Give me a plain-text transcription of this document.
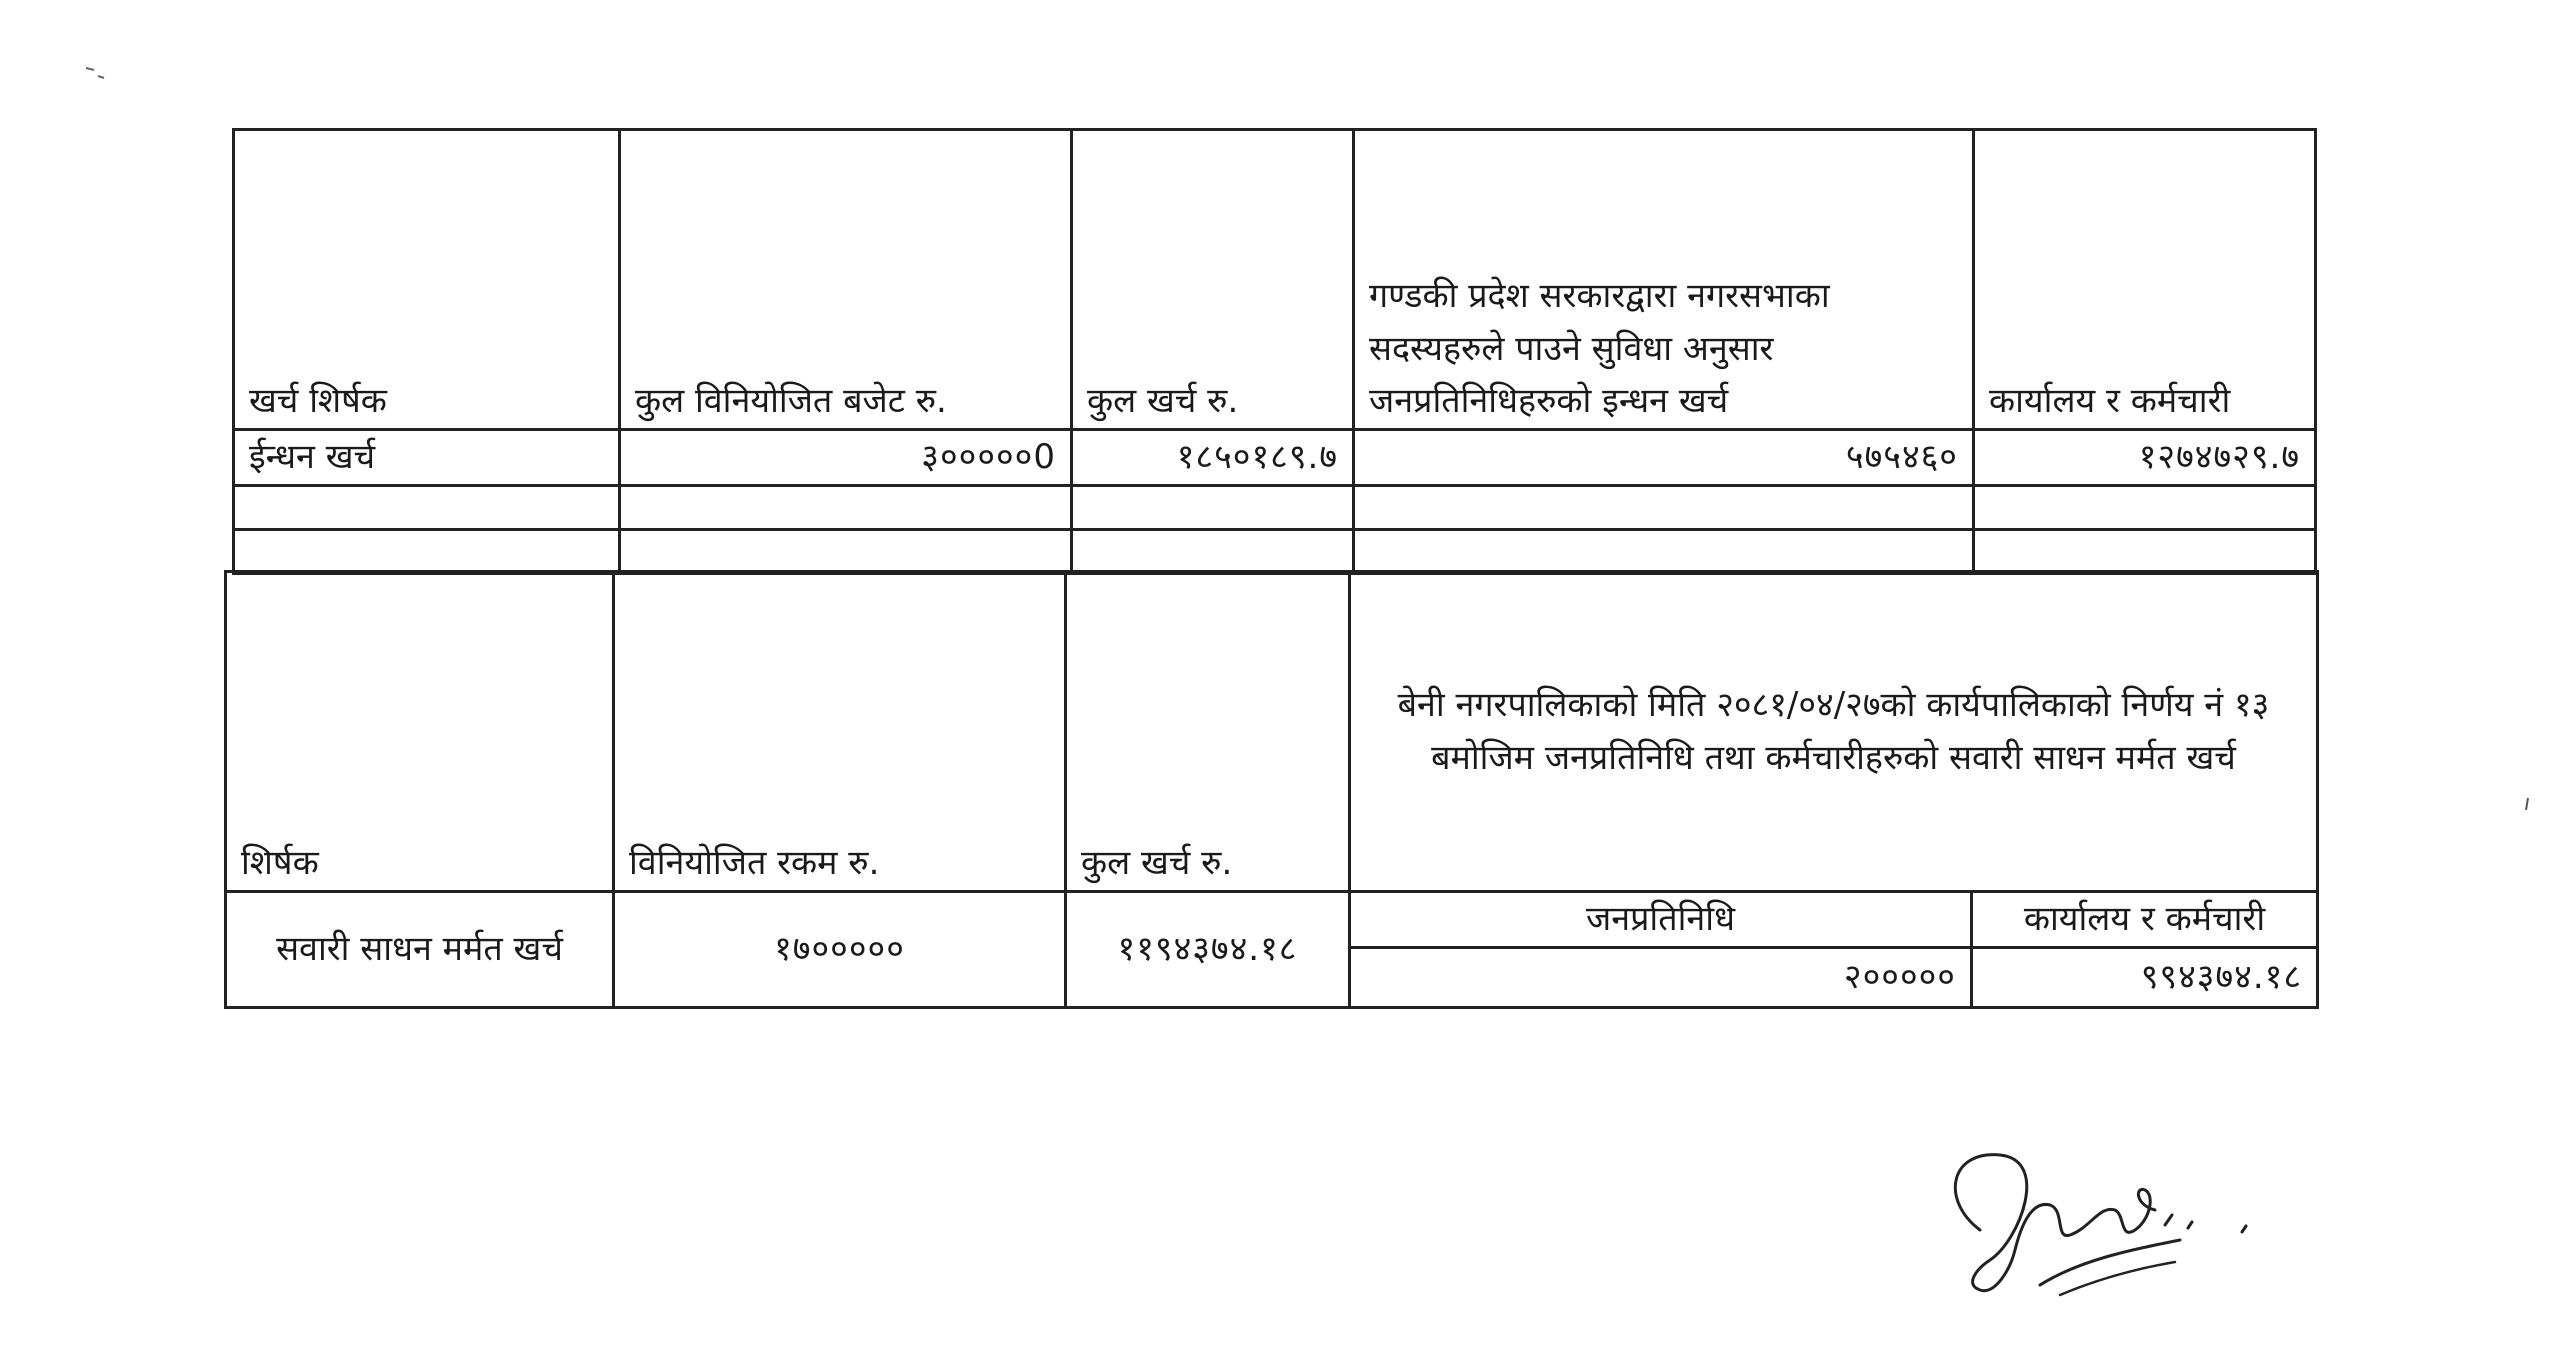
खर्च शिर्षक	कुल विनियोजित बजेट रु.	कुल खर्च रु.	गण्डकी प्रदेश सरकारद्वारा नगरसभाका सदस्यहरुले पाउने सुविधा अनुसार जनप्रतिनिधिहरुको इन्धन खर्च	कार्यालय र कर्मचारी
ईन्धन खर्च	३०००००0	१८५०१८९.७	५७५४६०	१२७४७२९.७

शिर्षक	विनियोजित रकम रु.	कुल खर्च रु.	बेनी नगरपालिकाको मिति २०८१/०४/२७को कार्यपालिकाको निर्णय नं १३ बमोजिम जनप्रतिनिधि तथा कर्मचारीहरुको सवारी साधन मर्मत खर्च	
सवारी साधन मर्मत खर्च	१७०००००	११९४३७४.१८	जनप्रतिनिधि	कार्यालय र कर्मचारी
			२०००००	९९४३७४.१८
